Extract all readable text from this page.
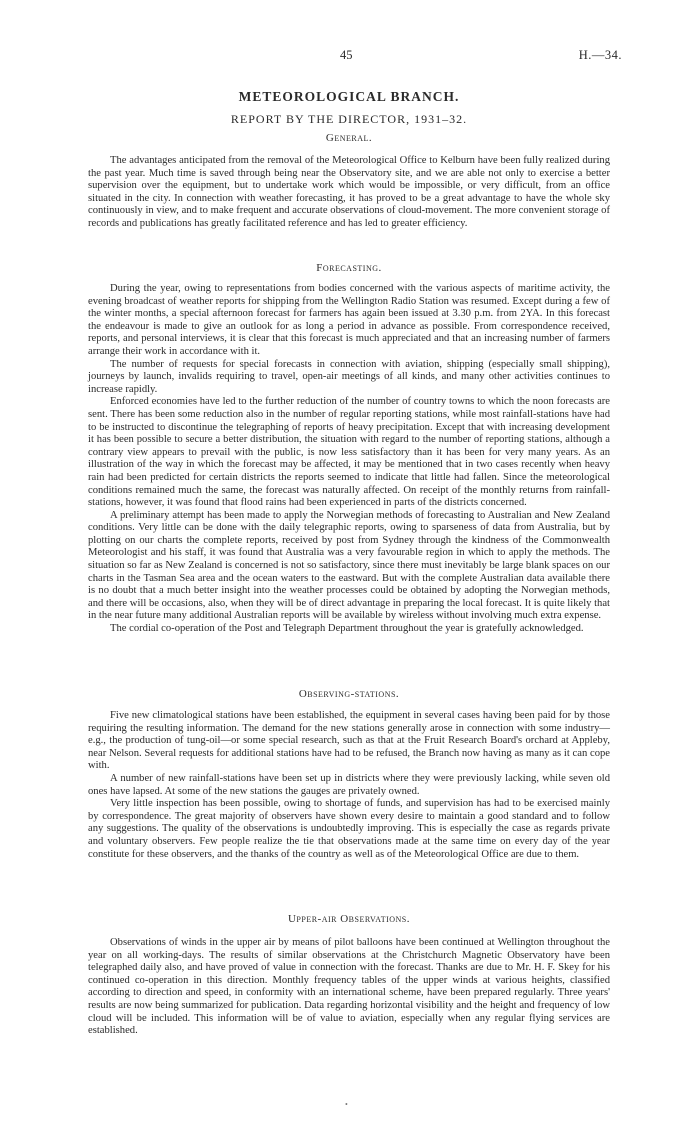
45	H.—34.
METEOROLOGICAL BRANCH.
REPORT BY THE DIRECTOR, 1931–32.
General.

The advantages anticipated from the removal of the Meteorological Office to Kelburn have been fully realized during the past year. Much time is saved through being near the Observatory site, and we are able not only to exercise a better supervision over the equipment, but to undertake work which would be impossible, or very difficult, from an office situated in the city. In connection with weather forecasting, it has proved to be a great advantage to have the whole sky continuously in view, and to make frequent and accurate observations of cloud-movement. The more convenient storage of records and publications has greatly facilitated reference and has led to greater efficiency.

Forecasting.

During the year, owing to representations from bodies concerned with the various aspects of maritime activity, the evening broadcast of weather reports for shipping from the Wellington Radio Station was resumed. Except during a few of the winter months, a special afternoon forecast for farmers has again been issued at 3.30 p.m. from 2YA. In this forecast the endeavour is made to give an outlook for as long a period in advance as possible. From correspondence received, reports, and personal interviews, it is clear that this forecast is much appreciated and that an increasing number of farmers arrange their work in accordance with it.

The number of requests for special forecasts in connection with aviation, shipping (especially small shipping), journeys by launch, invalids requiring to travel, open-air meetings of all kinds, and many other activities continues to increase rapidly.

Enforced economies have led to the further reduction of the number of country towns to which the noon forecasts are sent. There has been some reduction also in the number of regular reporting stations, while most rainfall-stations have had to be instructed to discontinue the telegraphing of reports of heavy precipitation. Except that with increasing development it has been possible to secure a better distribution, the situation with regard to the number of reporting stations, although a contrary view appears to prevail with the public, is now less satisfactory than it has been for very many years. As an illustration of the way in which the forecast may be affected, it may be mentioned that in two cases recently when heavy rain had been predicted for certain districts the reports seemed to indicate that little had fallen. Since the meteorological conditions remained much the same, the forecast was naturally affected. On receipt of the monthly returns from rainfall-stations, however, it was found that flood rains had been experienced in parts of the districts concerned.

A preliminary attempt has been made to apply the Norwegian methods of forecasting to Australian and New Zealand conditions. Very little can be done with the daily telegraphic reports, owing to sparseness of data from Australia, but by plotting on our charts the complete reports, received by post from Sydney through the kindness of the Commonwealth Meteorologist and his staff, it was found that Australia was a very favourable region in which to apply the methods. The situation so far as New Zealand is concerned is not so satisfactory, since there must inevitably be large blank spaces on our charts in the Tasman Sea area and the ocean waters to the eastward. But with the complete Australian data available there is no doubt that a much better insight into the weather processes could be obtained by adopting the Norwegian methods, and there will be occasions, also, when they will be of direct advantage in preparing the local forecast. It is quite likely that in the near future many additional Australian reports will be available by wireless without involving much extra expense.

The cordial co-operation of the Post and Telegraph Department throughout the year is gratefully acknowledged.

Observing-stations.

Five new climatological stations have been established, the equipment in several cases having been paid for by those requiring the resulting information. The demand for the new stations generally arose in connection with some industry—e.g., the production of tung-oil—or some special research, such as that at the Fruit Research Board's orchard at Appleby, near Nelson. Several requests for additional stations have had to be refused, the Branch now having as many as it can cope with.

A number of new rainfall-stations have been set up in districts where they were previously lacking, while seven old ones have lapsed. At some of the new stations the gauges are privately owned.

Very little inspection has been possible, owing to shortage of funds, and supervision has had to be exercised mainly by correspondence. The great majority of observers have shown every desire to maintain a good standard and to follow any suggestions. The quality of the observations is undoubtedly improving. This is especially the case as regards private and voluntary observers. Few people realize the tie that observations made at the same time on every day of the year constitute for these observers, and the thanks of the country as well as of the Meteorological Office are due to them.

Upper-air Observations.

Observations of winds in the upper air by means of pilot balloons have been continued at Wellington throughout the year on all working-days. The results of similar observations at the Christchurch Magnetic Observatory have been telegraphed daily also, and have proved of value in connection with the forecast. Thanks are due to Mr. H. F. Skey for his continued co-operation in this direction. Monthly frequency tables of the upper winds at various heights, classified according to direction and speed, in conformity with an international scheme, have been prepared regularly. Three years' results are now being summarized for publication. Data regarding horizontal visibility and the height and frequency of low cloud will be included. This information will be of value to aviation, especially when any regular flying services are established.

•
